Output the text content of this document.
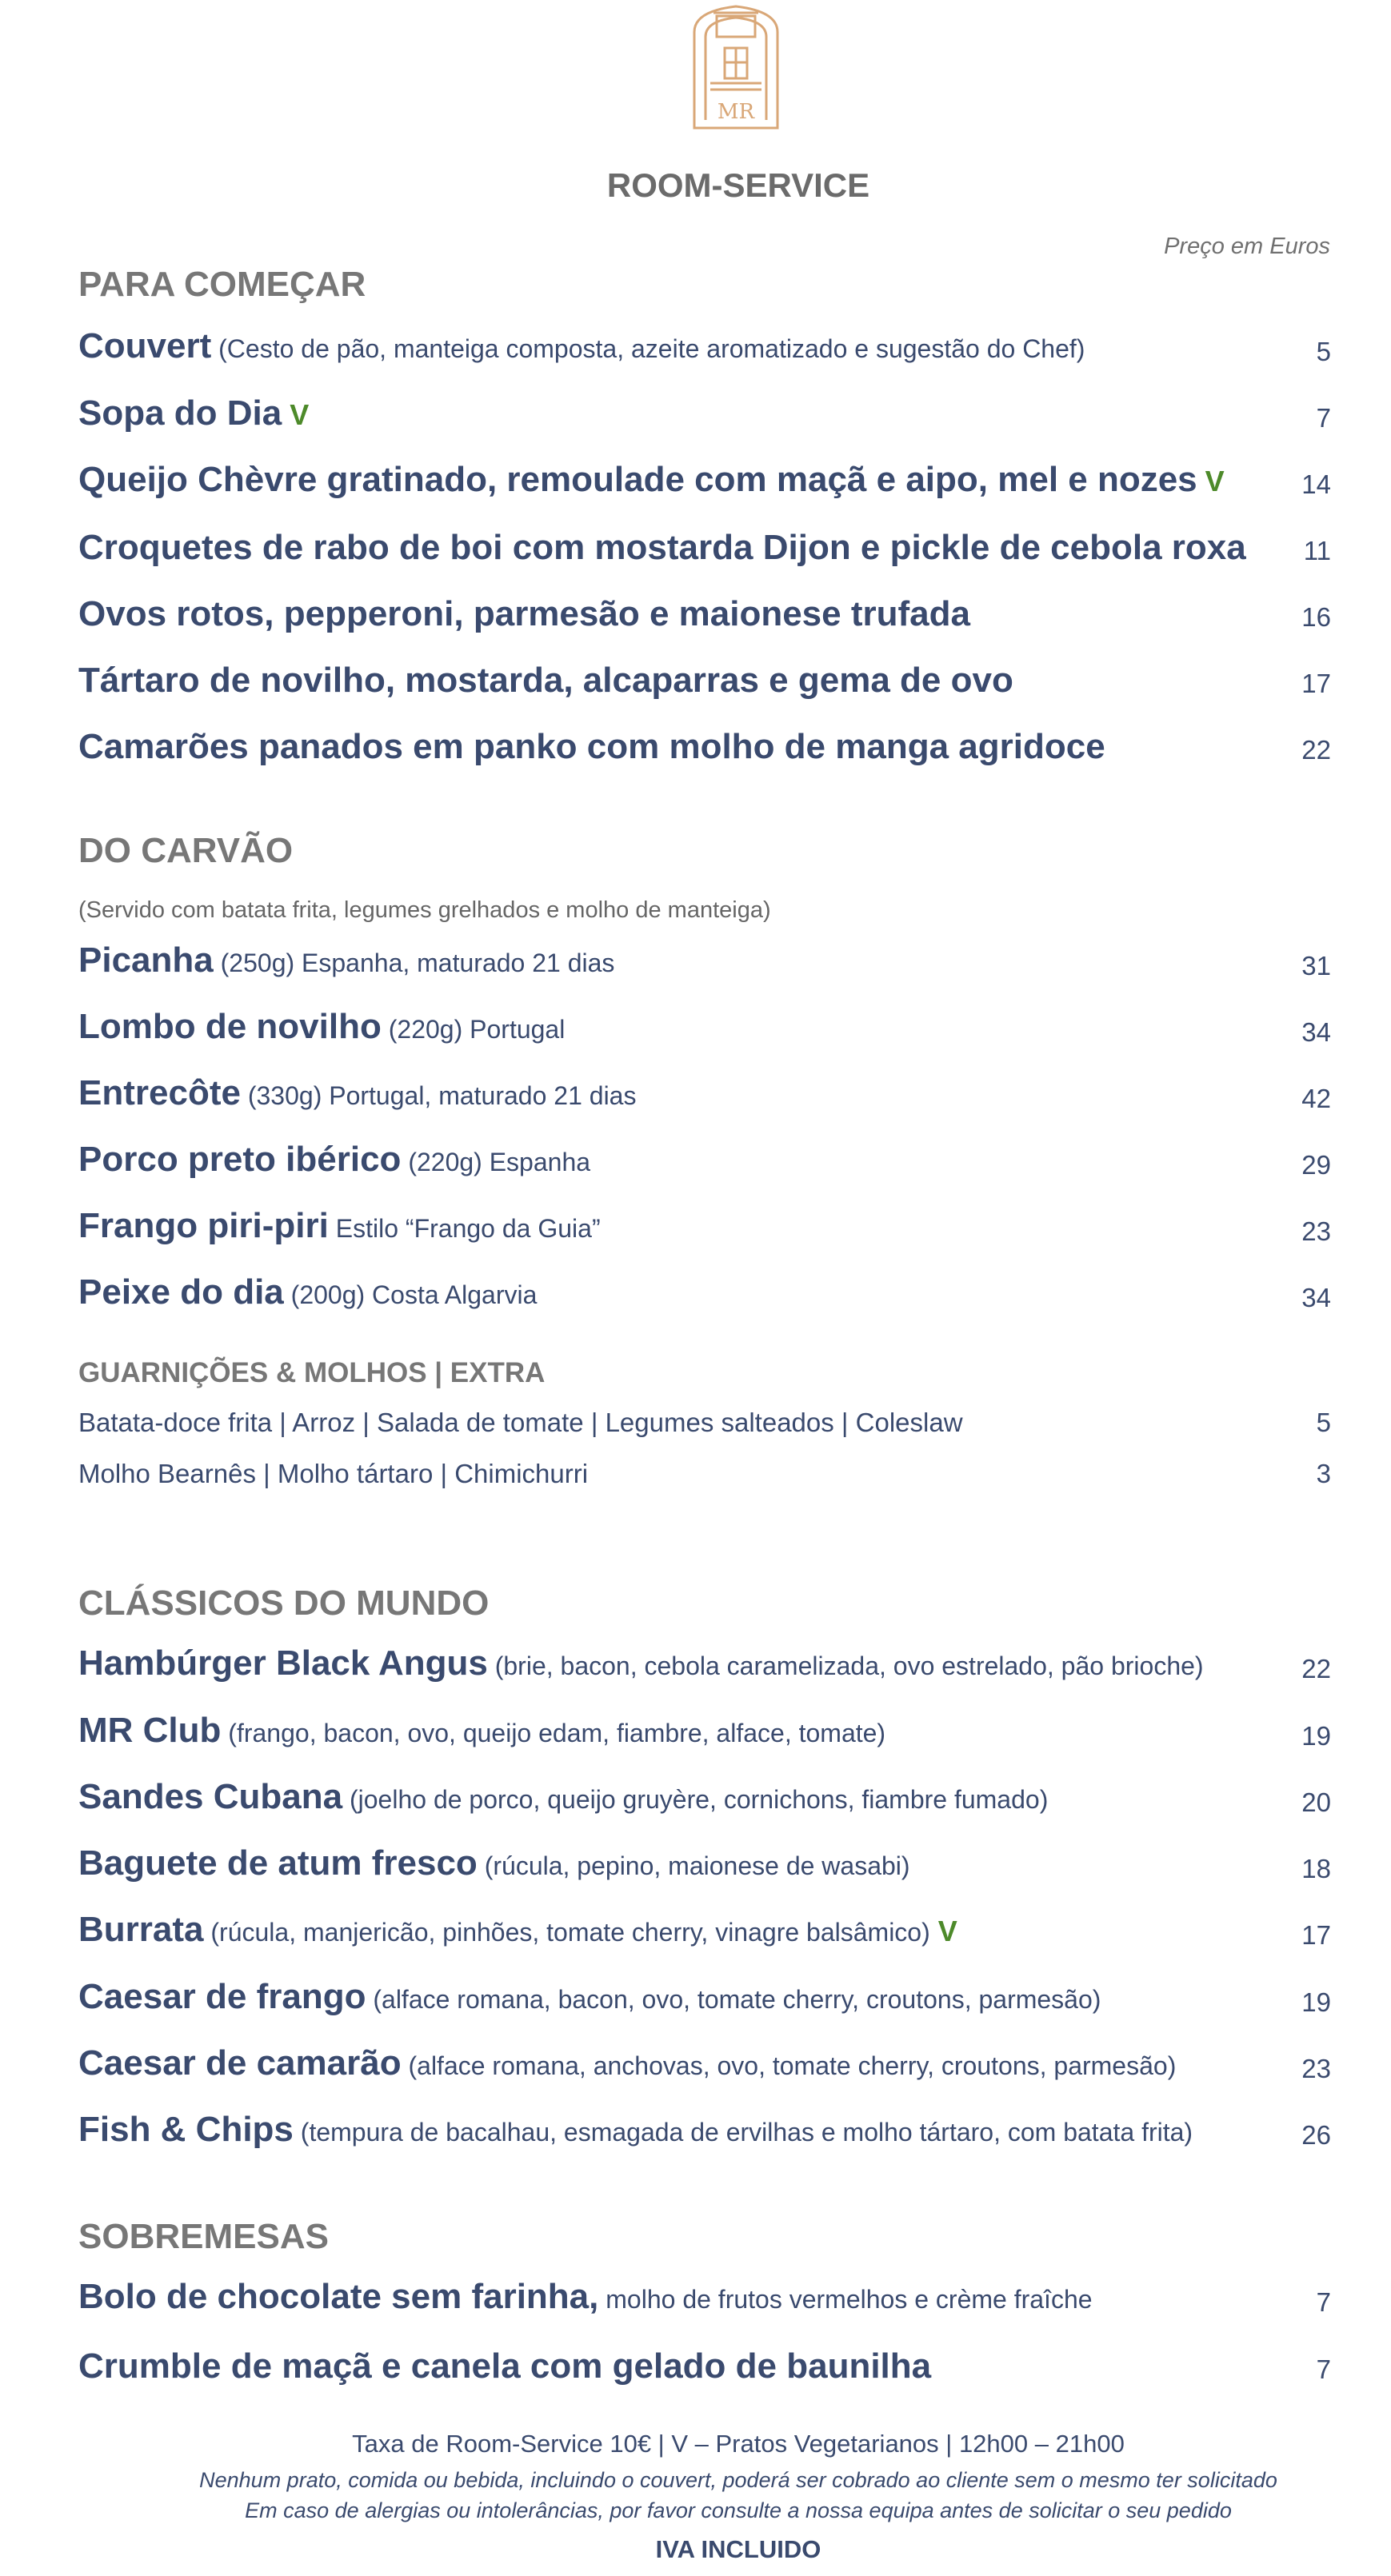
MR
ROOM-SERVICE
Preço em Euros
PARA COMEÇAR
Couvert (Cesto de pão, manteiga composta, azeite aromatizado e sugestão do Chef)	5
Sopa do Dia V	7
Queijo Chèvre gratinado, remoulade com maçã e aipo, mel e nozes V	14
Croquetes de rabo de boi com mostarda Dijon e pickle de cebola roxa 11
Ovos rotos, pepperoni, parmesão e maionese trufada	16
Tártaro de novilho, mostarda, alcaparras e gema de ovo	17
Camarões panados em panko com molho de manga agridoce	22
DO CARVÃO
(Servido com batata frita, legumes grelhados e molho de manteiga)
Picanha (250g) Espanha, maturado 21 dias	31
Lombo de novilho (220g) Portugal	34
Entrecôte (330g) Portugal, maturado 21 dias	42
Porco preto ibérico (220g) Espanha	29
Frango piri-piri Estilo “Frango da Guia”	23
Peixe do dia (200g) Costa Algarvia	34
GUARNIÇÕES & MOLHOS | EXTRA
Batata-doce frita | Arroz | Salada de tomate | Legumes salteados | Coleslaw	5
Molho Bearnês | Molho tártaro | Chimichurri	3
CLÁSSICOS DO MUNDO
Hambúrger Black Angus (brie, bacon, cebola caramelizada, ovo estrelado, pão brioche)	22
MR Club (frango, bacon, ovo, queijo edam, fiambre, alface, tomate)	19
Sandes Cubana (joelho de porco, queijo gruyère, cornichons, fiambre fumado)	20
Baguete de atum fresco (rúcula, pepino, maionese de wasabi)	18
Burrata (rúcula, manjericão, pinhões, tomate cherry, vinagre balsâmico) V	17
Caesar de frango (alface romana, bacon, ovo, tomate cherry, croutons, parmesão)	19
Caesar de camarão (alface romana, anchovas, ovo, tomate cherry, croutons, parmesão)	23
Fish & Chips (tempura de bacalhau, esmagada de ervilhas e molho tártaro, com batata frita)	26
SOBREMESAS
Bolo de chocolate sem farinha, molho de frutos vermelhos e crème fraîche	7
Crumble de maçã e canela com gelado de baunilha	7
Taxa de Room-Service 10€ | V – Pratos Vegetarianos | 12h00 – 21h00
Nenhum prato, comida ou bebida, incluindo o couvert, poderá ser cobrado ao cliente sem o mesmo ter solicitado
Em caso de alergias ou intolerâncias, por favor consulte a nossa equipa antes de solicitar o seu pedido
IVA INCLUIDO
